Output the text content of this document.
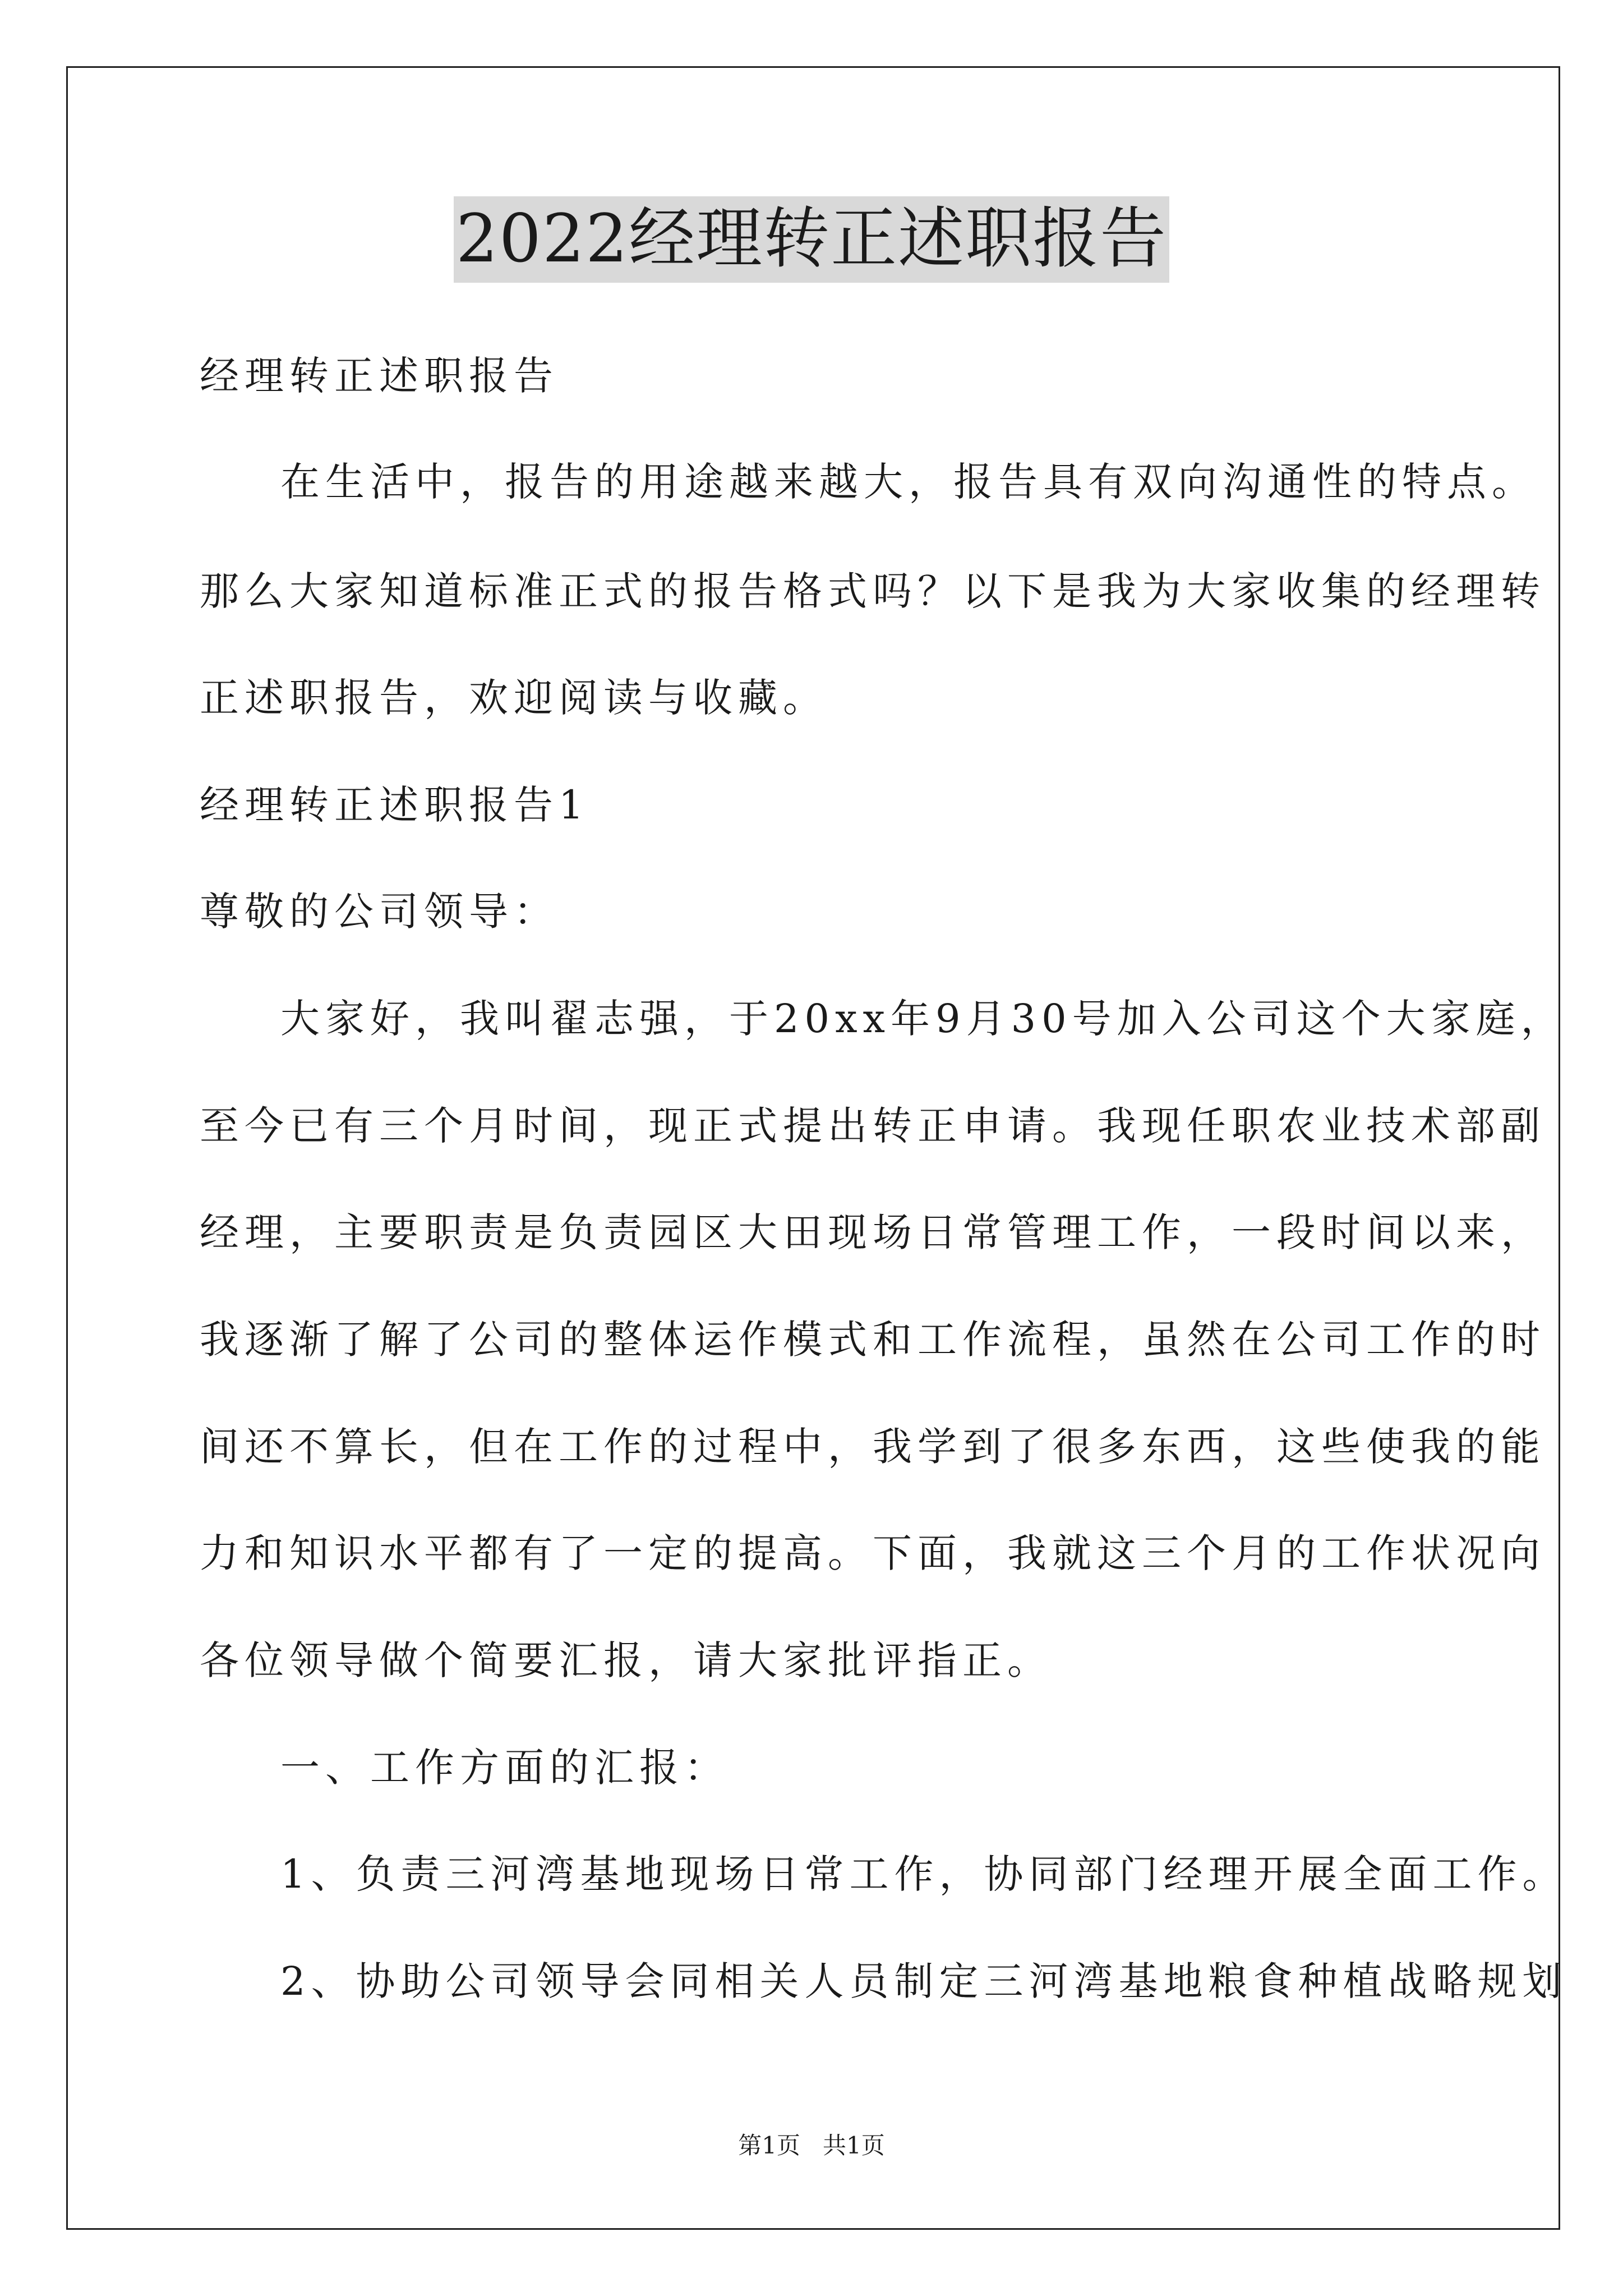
2022经理转正述职报告
经理转正述职报告
在生活中，报告的用途越来越大，报告具有双向沟通性的特点。
那么大家知道标准正式的报告格式吗？以下是我为大家收集的经理转
正述职报告，欢迎阅读与收藏。
经理转正述职报告1
尊敬的公司领导：
大家好，我叫翟志强，于20xx年9月30号加入公司这个大家庭，
至今已有三个月时间，现正式提出转正申请。我现任职农业技术部副
经理，主要职责是负责园区大田现场日常管理工作，一段时间以来，
我逐渐了解了公司的整体运作模式和工作流程，虽然在公司工作的时
间还不算长，但在工作的过程中，我学到了很多东西，这些使我的能
力和知识水平都有了一定的提高。下面，我就这三个月的工作状况向
各位领导做个简要汇报，请大家批评指正。
一、工作方面的汇报：
1、负责三河湾基地现场日常工作，协同部门经理开展全面工作。
2、协助公司领导会同相关人员制定三河湾基地粮食种植战略规划
第1页   共1页
